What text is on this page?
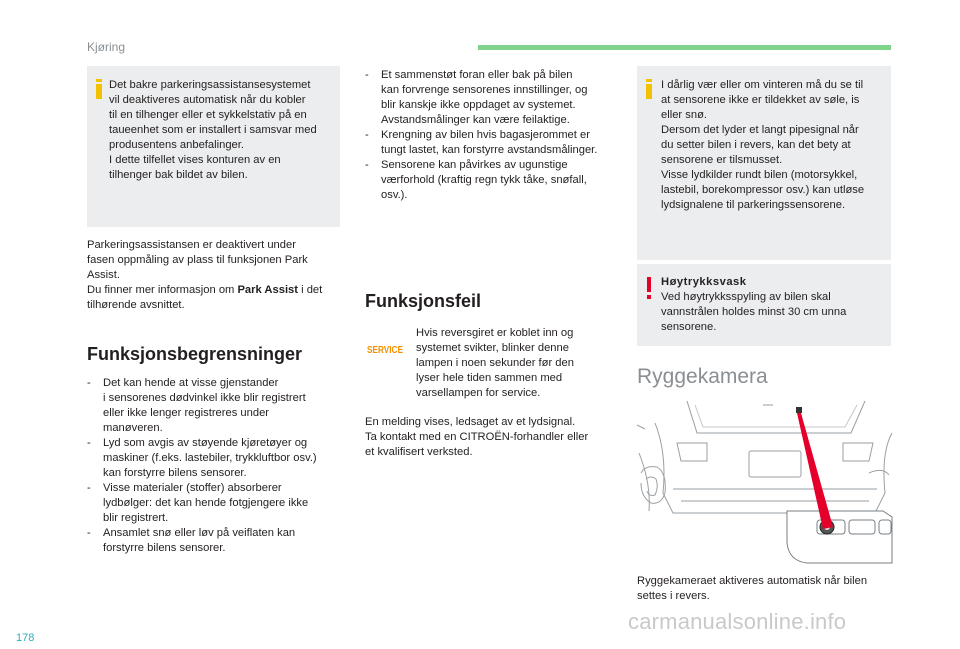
Kjøring

Det bakre parkeringsassistansesystemet

vil deaktiveres automatisk når du kobler

til en tilhenger eller et sykkelstativ på en

taueenhet som er installert i samsvar med

produsentens anbefalinger.

I dette tilfellet vises konturen av en

tilhenger bak bildet av bilen.

Parkeringsassistansen er deaktivert under

fasen oppmåling av plass til funksjonen Park

Assist.

Du finner mer informasjon om Park Assist i det

tilhørende avsnittet.

Funksjonsbegrensninger
- Det kan hende at visse gjenstander
i sensorenes dødvinkel ikke blir registrert
eller ikke lenger registreres under
manøveren.
- Lyd som avgis av støyende kjøretøyer og
maskiner (f.eks. lastebiler, trykkluftbor osv.)
kan forstyrre bilens sensorer.
- Visse materialer (stoffer) absorberer
lydbølger: det kan hende fotgjengere ikke
blir registrert.
- Ansamlet snø eller løv på veiflaten kan
forstyrre bilens sensorer.
- Et sammenstøt foran eller bak på bilen
kan forvrenge sensorenes innstillinger, og
blir kanskje ikke oppdaget av systemet.
Avstandsmålinger kan være feilaktige.
- Krengning av bilen hvis bagasjerommet er
tungt lastet, kan forstyrre avstandsmålinger.
- Sensorene kan påvirkes av ugunstige
værforhold (kraftig regn tykk tåke, snøfall,
osv.).
Funksjonsfeil
SERVICE

Hvis reversgiret er koblet inn og

systemet svikter, blinker denne

lampen i noen sekunder før den

lyser hele tiden sammen med

varsellampen for service.

En melding vises, ledsaget av et lydsignal.

Ta kontakt med en CITROËN-forhandler eller

et kvalifisert verksted.

I dårlig vær eller om vinteren må du se til

at sensorene ikke er tildekket av søle, is

eller snø.

Dersom det lyder et langt pipesignal når

du setter bilen i revers, kan det bety at

sensorene er tilsmusset.

Visse lydkilder rundt bilen (motorsykkel,

lastebil, borekompressor osv.) kan utløse

lydsignalene til parkeringssensorene.

Høytrykksvask

Ved høytrykksspyling av bilen skal

vannstrålen holdes minst 30 cm unna

sensorene.

Ryggekamera

Ryggekameraet aktiveres automatisk når bilen

settes i revers.

178
carmanualsonline.info
